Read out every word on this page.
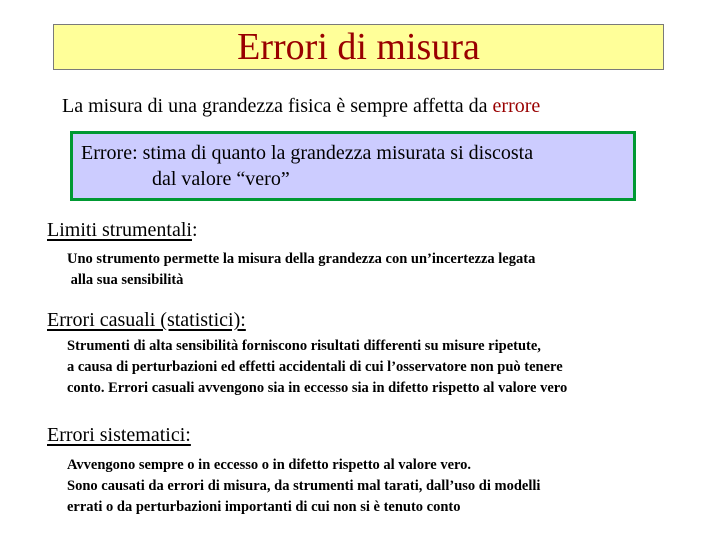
Errori di misura
La misura di una grandezza fisica è sempre affetta da errore
Errore: stima di quanto la grandezza misurata si discosta
dal valore “vero”
Limiti strumentali:
Uno strumento permette la misura della grandezza con un’incertezza legata
alla sua sensibilità
Errori casuali (statistici):
Strumenti di alta sensibilità forniscono risultati differenti su misure ripetute,
a causa di perturbazioni ed effetti accidentali di cui l’osservatore non può tenere
conto. Errori casuali avvengono sia in eccesso sia in difetto rispetto al valore vero
Errori sistematici:
Avvengono sempre o in eccesso o in difetto rispetto al valore vero.
Sono causati da errori di misura, da strumenti mal tarati, dall’uso di modelli
errati o da perturbazioni importanti di cui non si è tenuto conto
